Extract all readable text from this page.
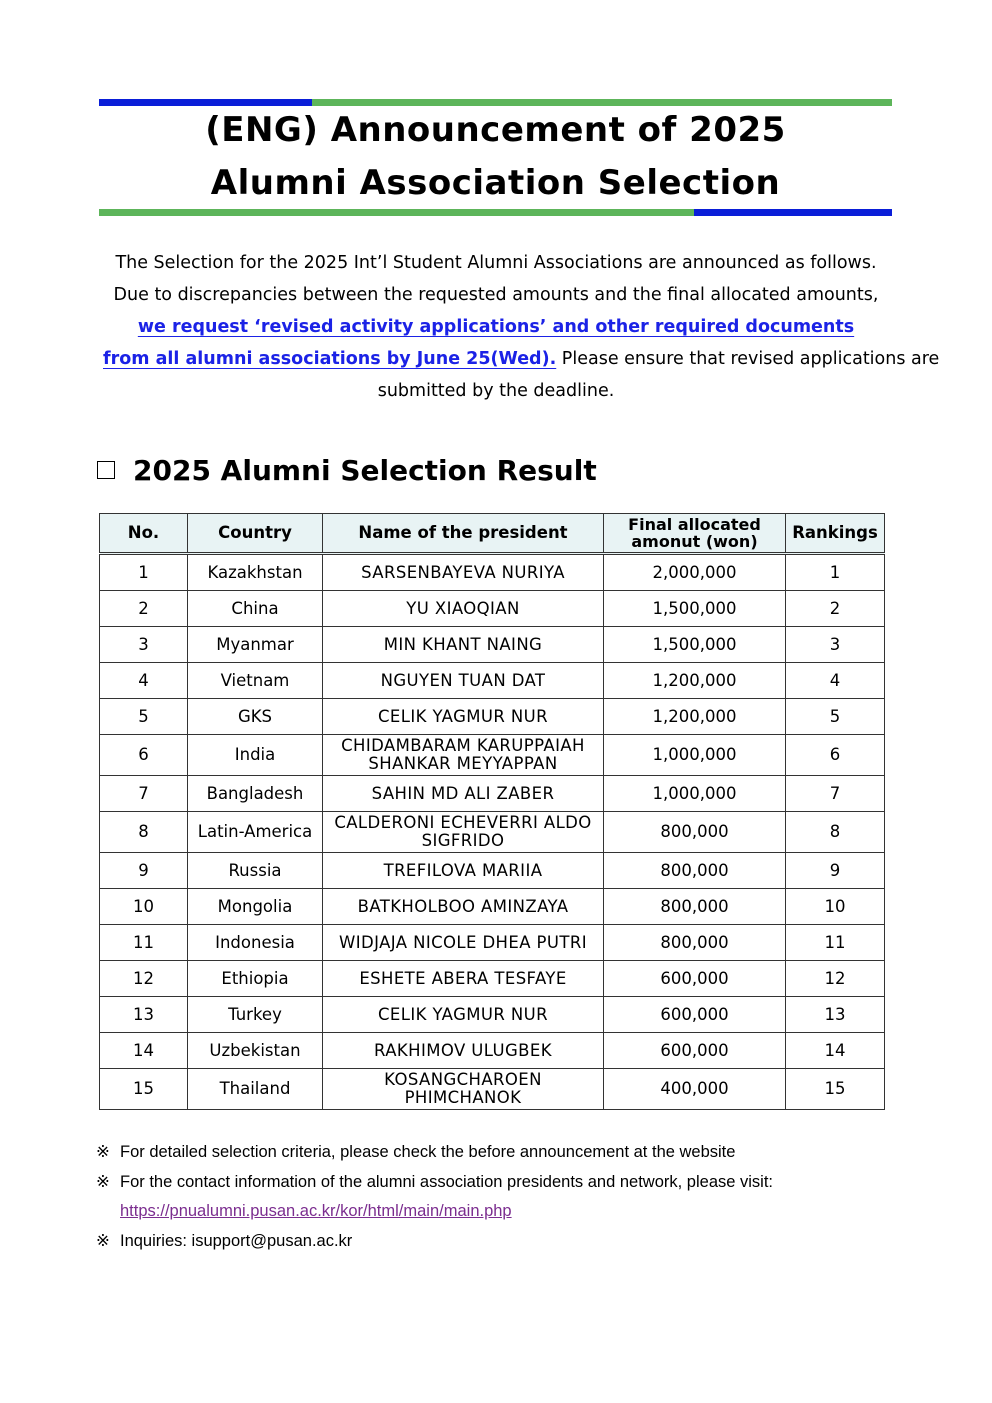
(ENG) Announcement of 2025
Alumni Association Selection
The Selection for the 2025 Int’l Student Alumni Associations are announced as follows.
Due to discrepancies between the requested amounts and the final allocated amounts,
we request ‘revised activity applications’ and other required documents
from all alumni associations by June 25(Wed). Please ensure that revised applications are
submitted by the deadline.
2025 Alumni Selection Result
No.	Country	Name of the president	Final allocated
amonut (won)	Rankings
1	Kazakhstan	SARSENBAYEVA NURIYA	2,000,000	1
2	China	YU XIAOQIAN	1,500,000	2
3	Myanmar	MIN KHANT NAING	1,500,000	3
4	Vietnam	NGUYEN TUAN DAT	1,200,000	4
5	GKS	CELIK YAGMUR NUR	1,200,000	5
6	India	CHIDAMBARAM KARUPPAIAH SHANKAR MEYYAPPAN	1,000,000	6
7	Bangladesh	SAHIN MD ALI ZABER	1,000,000	7
8	Latin-America	CALDERONI ECHEVERRI ALDO SIGFRIDO	800,000	8
9	Russia	TREFILOVA MARIIA	800,000	9
10	Mongolia	BATKHOLBOO AMINZAYA	800,000	10
11	Indonesia	WIDJAJA NICOLE DHEA PUTRI	800,000	11
12	Ethiopia	ESHETE ABERA TESFAYE	600,000	12
13	Turkey	CELIK YAGMUR NUR	600,000	13
14	Uzbekistan	RAKHIMOV ULUGBEK	600,000	14
15	Thailand	KOSANGCHAROEN PHIMCHANOK	400,000	15
※ For detailed selection criteria, please check the before announcement at the website
※ For the contact information of the alumni association presidents and network, please visit:
https://pnualumni.pusan.ac.kr/kor/html/main/main.php
※ Inquiries: isupport@pusan.ac.kr
